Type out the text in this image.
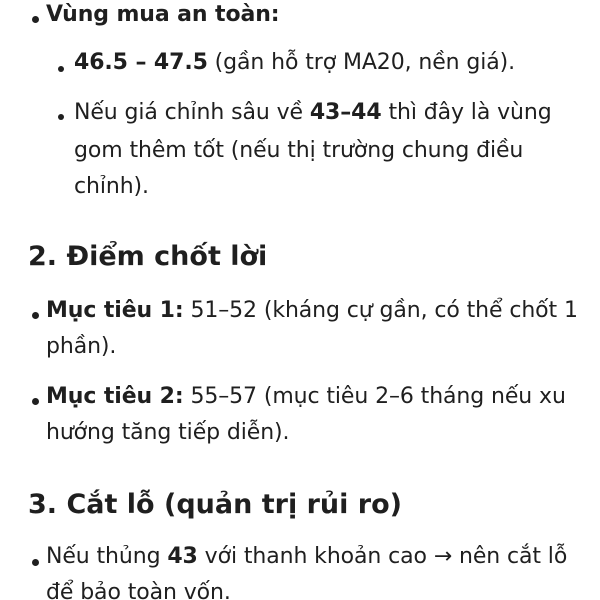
Vùng mua an toàn:
46.5 – 47.5 (gần hỗ trợ MA20, nền giá).
Nếu giá chỉnh sâu về 43–44 thì đây là vùng
gom thêm tốt (nếu thị trường chung điều
chỉnh).
2. Điểm chốt lời
Mục tiêu 1: 51–52 (kháng cự gần, có thể chốt 1
phần).
Mục tiêu 2: 55–57 (mục tiêu 2–6 tháng nếu xu
hướng tăng tiếp diễn).
3. Cắt lỗ (quản trị rủi ro)
Nếu thủng 43 với thanh khoản cao → nên cắt lỗ
để bảo toàn vốn.
